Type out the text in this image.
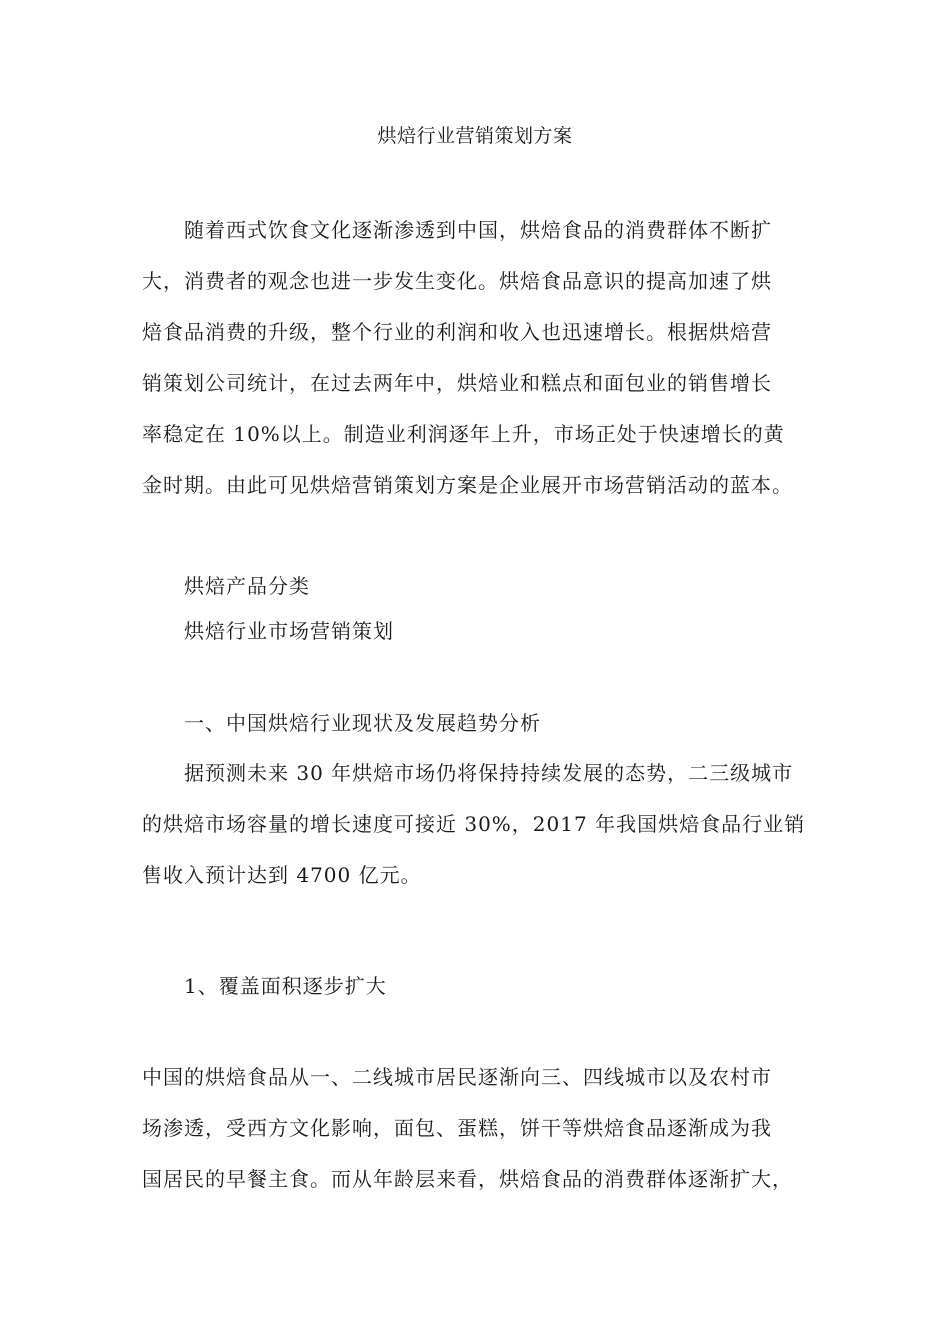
烘焙行业营销策划方案
随着西式饮食文化逐渐渗透到中国，烘焙食品的消费群体不断扩
大，消费者的观念也进一步发生变化。烘焙食品意识的提高加速了烘
焙食品消费的升级，整个行业的利润和收入也迅速增长。根据烘焙营
销策划公司统计，在过去两年中，烘焙业和糕点和面包业的销售增长
率稳定在 10%以上。制造业利润逐年上升，市场正处于快速增长的黄
金时期。由此可见烘焙营销策划方案是企业展开市场营销活动的蓝本。
烘焙产品分类
烘焙行业市场营销策划
一、中国烘焙行业现状及发展趋势分析
据预测未来 30 年烘焙市场仍将保持持续发展的态势，二三级城市
的烘焙市场容量的增长速度可接近 30%，2017 年我国烘焙食品行业销
售收入预计达到 4700 亿元。
1、覆盖面积逐步扩大
中国的烘焙食品从一、二线城市居民逐渐向三、四线城市以及农村市
场渗透，受西方文化影响，面包、蛋糕，饼干等烘焙食品逐渐成为我
国居民的早餐主食。而从年龄层来看，烘焙食品的消费群体逐渐扩大，
